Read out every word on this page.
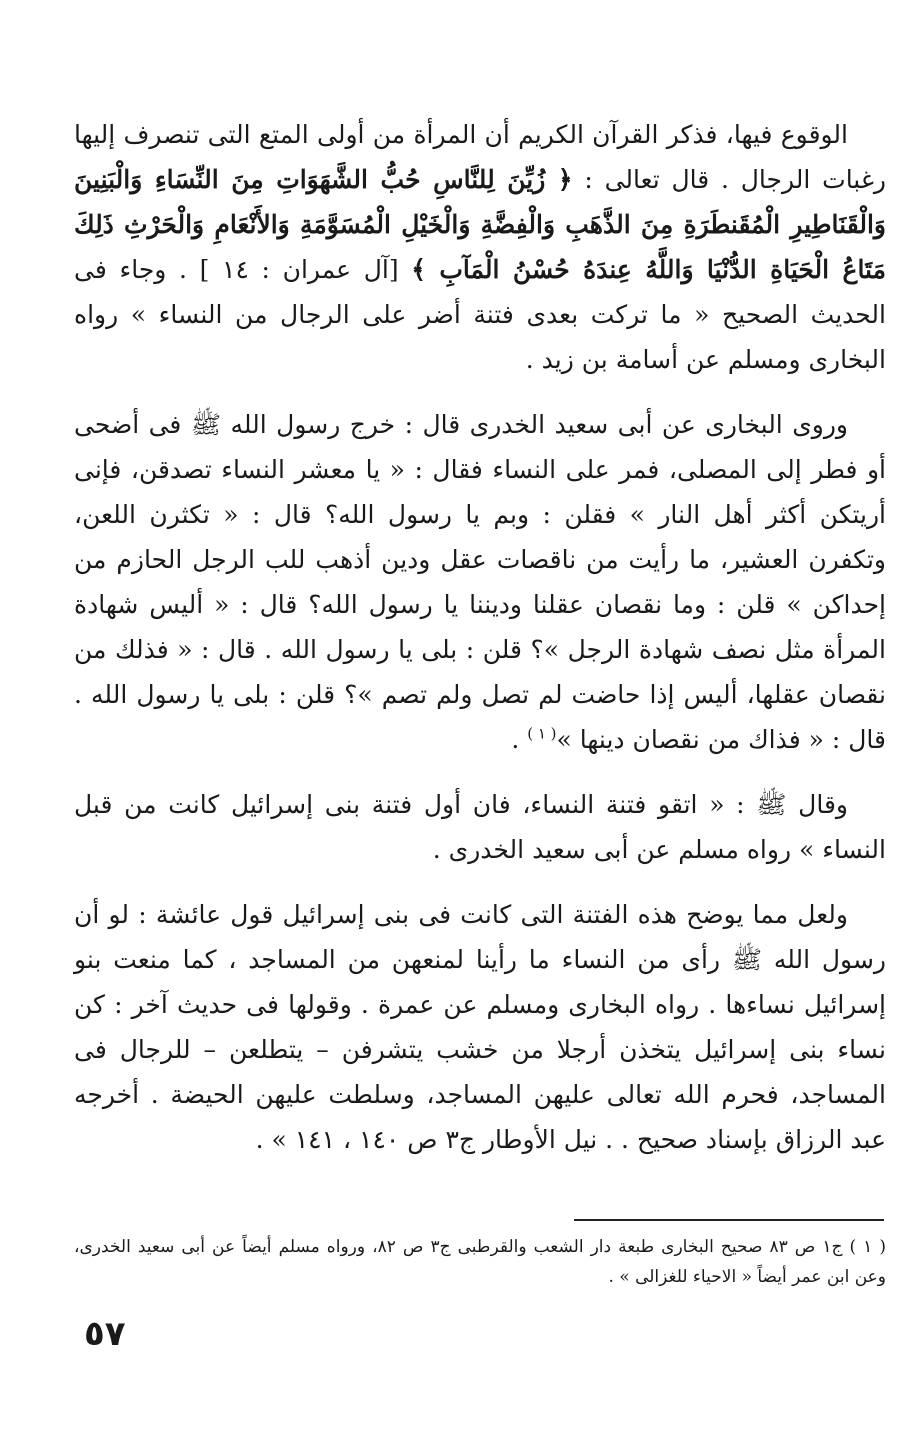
الوقوع فيها، فذكر القرآن الكريم أن المرأة من أولى المتع التى تنصرف إليها رغبات الرجال . قال تعالى : ﴿ زُيِّنَ لِلنَّاسِ حُبُّ الشَّهَوَاتِ مِنَ النِّسَاءِ وَالْبَنِينَ وَالْقَنَاطِيرِ الْمُقَنطَرَةِ مِنَ الذَّهَبِ وَالْفِضَّةِ وَالْخَيْلِ الْمُسَوَّمَةِ وَالأَنْعَامِ وَالْحَرْثِ ذَلِكَ مَتَاعُ الْحَيَاةِ الدُّنْيَا وَاللَّهُ عِندَهُ حُسْنُ الْمَآبِ ﴾ [آل عمران : ١٤ ] . وجاء فى الحديث الصحيح « ما تركت بعدى فتنة أضر على الرجال من النساء » رواه البخارى ومسلم عن أسامة بن زيد .

وروى البخارى عن أبى سعيد الخدرى قال : خرج رسول الله ﷺ فى أضحى أو فطر إلى المصلى، فمر على النساء فقال : « يا معشر النساء تصدقن، فإنى أريتكن أكثر أهل النار » فقلن : وبم يا رسول الله؟ قال : « تكثرن اللعن، وتكفرن العشير، ما رأيت من ناقصات عقل ودين أذهب للب الرجل الحازم من إحداكن » قلن : وما نقصان عقلنا وديننا يا رسول الله؟ قال : « أليس شهادة المرأة مثل نصف شهادة الرجل »؟ قلن : بلى يا رسول الله . قال : « فذلك من نقصان عقلها، أليس إذا حاضت لم تصل ولم تصم »؟ قلن : بلى يا رسول الله . قال : « فذاك من نقصان دينها »$^{( ١ )}$ .

وقال ﷺ : « اتقو فتنة النساء، فان أول فتنة بنى إسرائيل كانت من قبل النساء » رواه مسلم عن أبى سعيد الخدرى .

ولعل مما يوضح هذه الفتنة التى كانت فى بنى إسرائيل قول عائشة : لو أن رسول الله ﷺ رأى من النساء ما رأينا لمنعهن من المساجد ، كما منعت بنو إسرائيل نساءها . رواه البخارى ومسلم عن عمرة . وقولها فى حديث آخر : كن نساء بنى إسرائيل يتخذن أرجلا من خشب يتشرفن – يتطلعن – للرجال فى المساجد، فحرم الله تعالى عليهن المساجد، وسلطت عليهن الحيضة . أخرجه عبد الرزاق بإسناد صحيح . . نيل الأوطار ج٣ ص ١٤٠ ، ١٤١ » .

( ١ ) ج١ ص ٨٣ صحيح البخارى طبعة دار الشعب والقرطبى ج٣ ص ٨٢، ورواه مسلم أيضاً عن أبى سعيد الخدرى، وعن ابن عمر أيضاً « الاحياء للغزالى » .

٥٧
